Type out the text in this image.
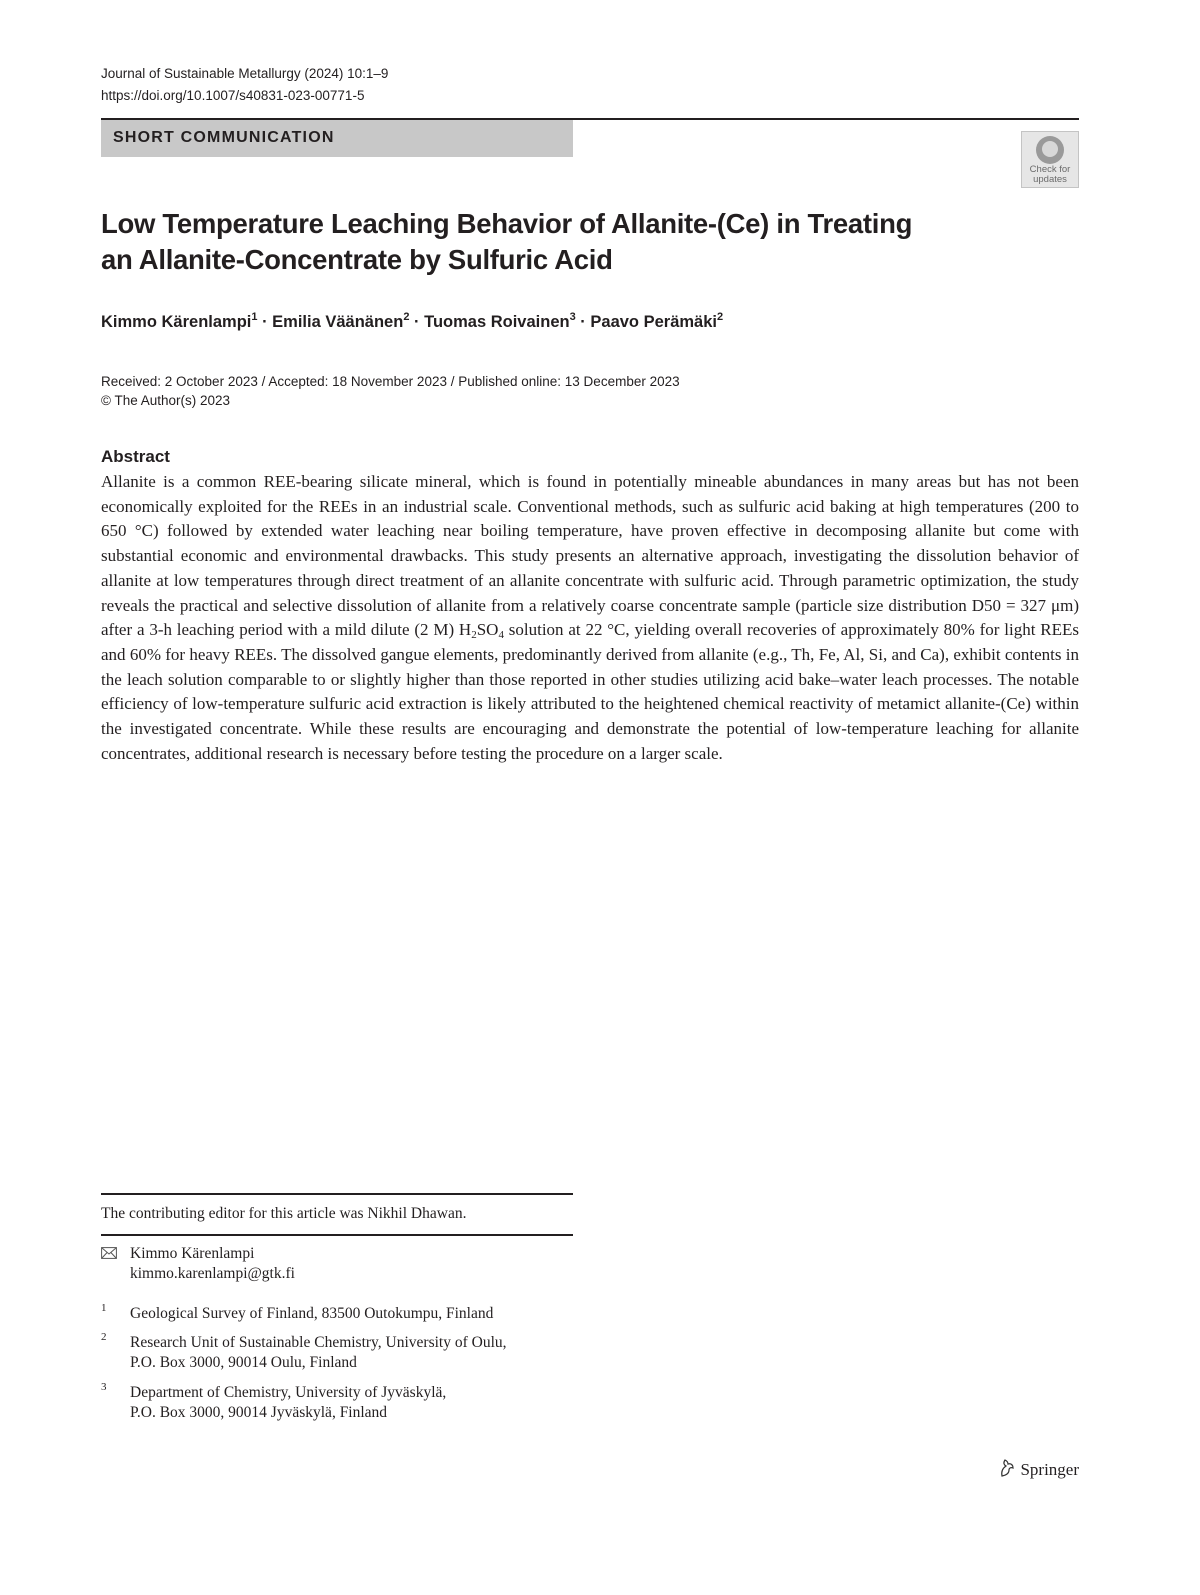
Journal of Sustainable Metallurgy (2024) 10:1–9
https://doi.org/10.1007/s40831-023-00771-5
SHORT COMMUNICATION
Check for updates
Low Temperature Leaching Behavior of Allanite-(Ce) in Treating
an Allanite-Concentrate by Sulfuric Acid
Kimmo Kärenlampi$^1$ · Emilia Väänänen$^2$ · Tuomas Roivainen$^3$ · Paavo Perämäki$^2$
Received: 2 October 2023 / Accepted: 18 November 2023 / Published online: 13 December 2023
© The Author(s) 2023
Abstract
Allanite is a common REE-bearing silicate mineral, which is found in potentially mineable abundances in many areas but has not been economically exploited for the REEs in an industrial scale. Conventional methods, such as sulfuric acid baking at high temperatures (200 to 650 °C) followed by extended water leaching near boiling temperature, have proven effective in decomposing allanite but come with substantial economic and environmental drawbacks. This study presents an alternative approach, investigating the dissolution behavior of allanite at low temperatures through direct treatment of an allanite concentrate with sulfuric acid. Through parametric optimization, the study reveals the practical and selective dissolution of allanite from a relatively coarse concentrate sample (particle size distribution D50 = 327 μm) after a 3-h leaching period with a mild dilute (2 M) $H_2SO_4$ solution at 22 °C, yielding overall recoveries of approximately 80% for light REEs and 60% for heavy REEs. The dissolved gangue elements, predominantly derived from allanite (e.g., Th, Fe, Al, Si, and Ca), exhibit contents in the leach solution comparable to or slightly higher than those reported in other studies utilizing acid bake–water leach processes. The notable efficiency of low-temperature sulfuric acid extraction is likely attributed to the heightened chemical reactivity of metamict allanite-(Ce) within the investigated concentrate. While these results are encouraging and demonstrate the potential of low-temperature leaching for allanite concentrates, additional research is necessary before testing the procedure on a larger scale.
The contributing editor for this article was Nikhil Dhawan.
Kimmo Kärenlampi
kimmo.karenlampi@gtk.fi
1 Geological Survey of Finland, 83500 Outokumpu, Finland
2 Research Unit of Sustainable Chemistry, University of Oulu,
P.O. Box 3000, 90014 Oulu, Finland
3 Department of Chemistry, University of Jyväskylä,
P.O. Box 3000, 90014 Jyväskylä, Finland
Springer
